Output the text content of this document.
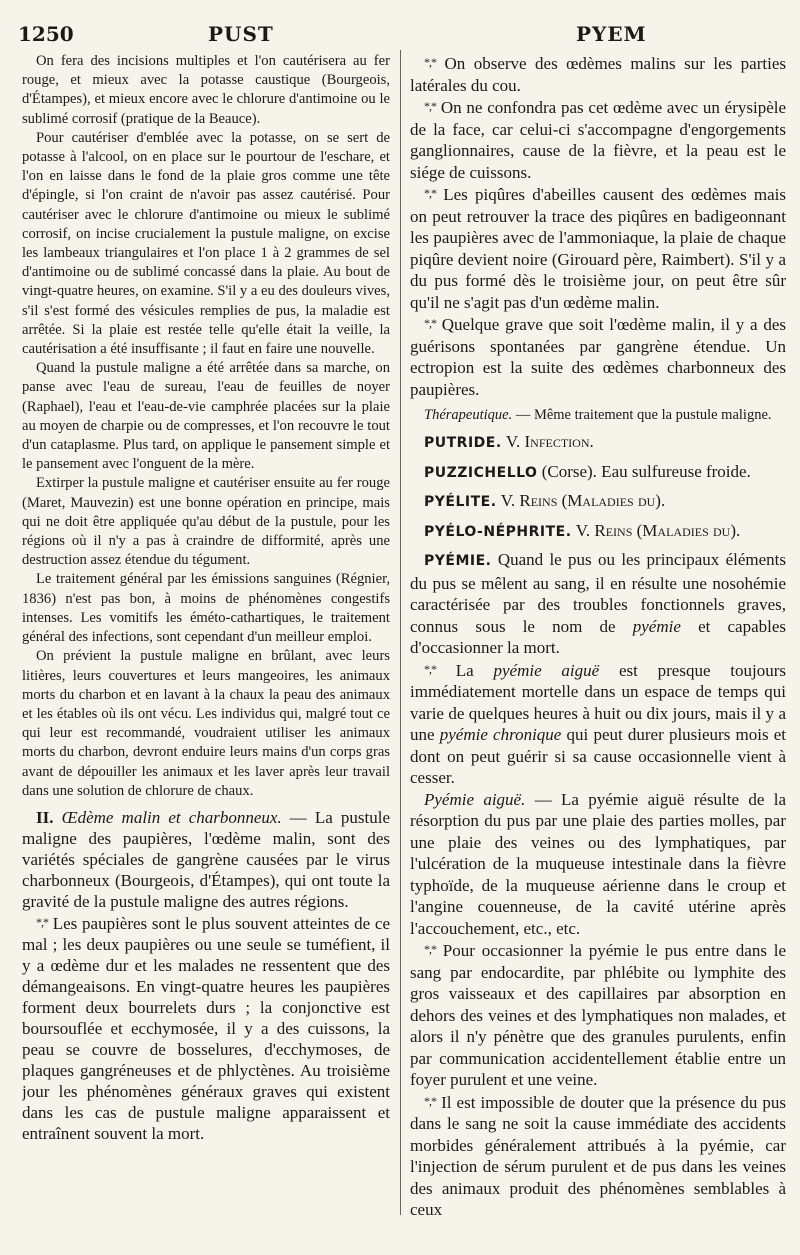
1250	PUST	PYEM

On fera des incisions multiples et l'on cautérisera au fer rouge, et mieux avec la potasse caustique (Bourgeois, d'Étampes), et mieux encore avec le chlorure d'antimoine ou le sublimé corrosif (pratique de la Beauce).

Pour cautériser d'emblée avec la potasse, on se sert de potasse à l'alcool, on en place sur le pourtour de l'eschare, et l'on en laisse dans le fond de la plaie gros comme une tête d'épingle, si l'on craint de n'avoir pas assez cautérisé. Pour cautériser avec le chlorure d'antimoine ou mieux le sublimé corrosif, on incise crucialement la pustule maligne, on excise les lambeaux triangulaires et l'on place 1 à 2 grammes de sel d'antimoine ou de sublimé concassé dans la plaie. Au bout de vingt-quatre heures, on examine. S'il y a eu des douleurs vives, s'il s'est formé des vésicules remplies de pus, la maladie est arrêtée. Si la plaie est restée telle qu'elle était la veille, la cautérisation a été insuffisante ; il faut en faire une nouvelle.

Quand la pustule maligne a été arrêtée dans sa marche, on panse avec l'eau de sureau, l'eau de feuilles de noyer (Raphael), l'eau et l'eau-de-vie camphrée placées sur la plaie au moyen de charpie ou de compresses, et l'on recouvre le tout d'un cataplasme. Plus tard, on applique le pansement simple et le pansement avec l'onguent de la mère.

Extirper la pustule maligne et cautériser ensuite au fer rouge (Maret, Mauvezin) est une bonne opération en principe, mais qui ne doit être appliquée qu'au début de la pustule, pour les régions où il n'y a pas à craindre de difformité, après une destruction assez étendue du tégument.

Le traitement général par les émissions sanguines (Régnier, 1836) n'est pas bon, à moins de phénomènes congestifs intenses. Les vomitifs les éméto-cathartiques, le traitement général des infections, sont cependant d'un meilleur emploi.

On prévient la pustule maligne en brûlant, avec leurs litières, leurs couvertures et leurs mangeoires, les animaux morts du charbon et en lavant à la chaux la peau des animaux et les étables où ils ont vécu. Les individus qui, malgré tout ce qui leur est recommandé, voudraient utiliser les animaux morts du charbon, devront enduire leurs mains d'un corps gras avant de dépouiller les animaux et les laver après leur travail dans une solution de chlorure de chaux.

II. Œdème malin et charbonneux. — La pustule maligne des paupières, l'œdème malin, sont des variétés spéciales de gangrène causées par le virus charbonneux (Bourgeois, d'Étampes), qui ont toute la gravité de la pustule maligne des autres régions.

*,* Les paupières sont le plus souvent atteintes de ce mal ; les deux paupières ou une seule se tuméfient, il y a œdème dur et les malades ne ressentent que des démangeaisons. En vingt-quatre heures les paupières forment deux bourrelets durs ; la conjonctive est boursouflée et ecchymosée, il y a des cuissons, la peau se couvre de bosselures, d'ecchymoses, de plaques gangréneuses et de phlyctènes. Au troisième jour les phénomènes généraux graves qui existent dans les cas de pustule maligne apparaissent et entraînent souvent la mort.

*,* On observe des œdèmes malins sur les parties latérales du cou.

*,* On ne confondra pas cet œdème avec un érysipèle de la face, car celui-ci s'accompagne d'engorgements ganglionnaires, cause de la fièvre, et la peau est le siége de cuissons.

*,* Les piqûres d'abeilles causent des œdèmes mais on peut retrouver la trace des piqûres en badigeonnant les paupières avec de l'ammoniaque, la plaie de chaque piqûre devient noire (Girouard père, Raimbert). S'il y a du pus formé dès le troisième jour, on peut être sûr qu'il ne s'agit pas d'un œdème malin.

*,* Quelque grave que soit l'œdème malin, il y a des guérisons spontanées par gangrène étendue. Un ectropion est la suite des œdèmes charbonneux des paupières.

Thérapeutique. — Même traitement que la pustule maligne.

PUTRIDE. V. Infection.

PUZZICHELLO (Corse). Eau sulfureuse froide.

PYÉLITE. V. Reins (Maladies du).

PYÉLO-NÉPHRITE. V. Reins (Maladies du).

PYÉMIE. Quand le pus ou les principaux éléments du pus se mêlent au sang, il en résulte une nosohémie caractérisée par des troubles fonctionnels graves, connus sous le nom de pyémie et capables d'occasionner la mort.

*,* La pyémie aiguë est presque toujours immédiatement mortelle dans un espace de temps qui varie de quelques heures à huit ou dix jours, mais il y a une pyémie chronique qui peut durer plusieurs mois et dont on peut guérir si sa cause occasionnelle vient à cesser.

Pyémie aiguë. — La pyémie aiguë résulte de la résorption du pus par une plaie des parties molles, par une plaie des veines ou des lymphatiques, par l'ulcération de la muqueuse intestinale dans la fièvre typhoïde, de la muqueuse aérienne dans le croup et l'angine couenneuse, de la cavité utérine après l'accouchement, etc., etc.

*,* Pour occasionner la pyémie le pus entre dans le sang par endocardite, par phlébite ou lymphite des gros vaisseaux et des capillaires par absorption en dehors des veines et des lymphatiques non malades, et alors il n'y pénètre que des granules purulents, enfin par communication accidentellement établie entre un foyer purulent et une veine.

*,* Il est impossible de douter que la présence du pus dans le sang ne soit la cause immédiate des accidents morbides généralement attribués à la pyémie, car l'injection de sérum purulent et de pus dans les veines des animaux produit des phénomènes semblables à ceux
